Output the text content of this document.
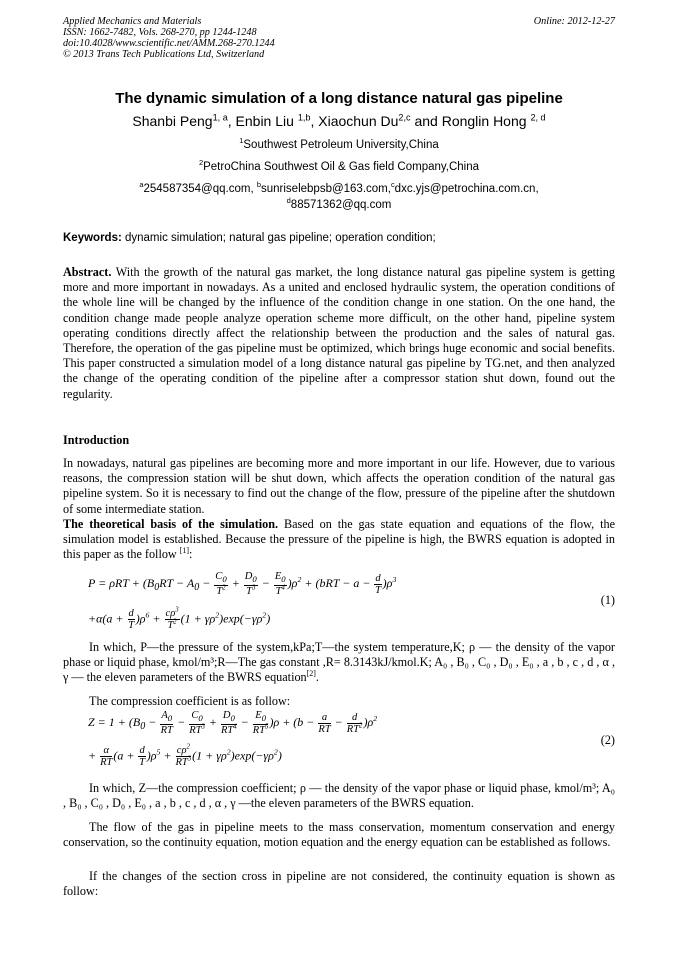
Applied Mechanics and Materials
ISSN: 1662-7482, Vols. 268-270, pp 1244-1248
doi:10.4028/www.scientific.net/AMM.268-270.1244
© 2013 Trans Tech Publications Ltd, Switzerland
Online: 2012-12-27
The dynamic simulation of a long distance natural gas pipeline
Shanbi Peng$^{1, a}$, Enbin Liu $^{1,b}$, Xiaochun Du$^{2,c}$ and Ronglin Hong $^{2, d}$
$^1$Southwest Petroleum University,China
$^2$PetroChina Southwest Oil & Gas field Company,China
$^a$254587354@qq.com, $^b$sunriselebpsb@163.com,$^c$dxc.yjs@petrochina.com.cn,
$^d$88571362@qq.com
Keywords: dynamic simulation; natural gas pipeline; operation condition;
Abstract. With the growth of the natural gas market, the long distance natural gas pipeline system is getting more and more important in nowadays. As a united and enclosed hydraulic system, the operation conditions of the whole line will be changed by the influence of the condition change in one station. On the one hand, the condition change made people analyze operation scheme more difficult, on the other hand, pipeline system operating conditions directly affect the relationship between the production and the sales of natural gas. Therefore, the operation of the gas pipeline must be optimized, which brings huge economic and social benefits. This paper constructed a simulation model of a long distance natural gas pipeline by TG.net, and then analyzed the change of the operating condition of the pipeline after a compressor station shut down, found out the regularity.
Introduction
In nowadays, natural gas pipelines are becoming more and more important in our life. However, due to various reasons, the compression station will be shut down, which affects the operation condition of the natural gas pipeline system. So it is necessary to find out the change of the flow, pressure of the pipeline after the shutdown of some intermediate station.
The theoretical basis of the simulation. Based on the gas state equation and equations of the flow, the simulation model is established. Because the pressure of the pipeline is high, the BWRS equation is adopted in this paper as the follow [1]:
$P = \rho RT + (B_0RT - A_0 - \frac{C_0}{T^2} + \frac{D_0}{T^3} - \frac{E_0}{T^4} )\rho^2 + (bRT - a - \frac{d}{T} )\rho^3$
$+\alpha(a + \frac{d}{T} )\rho^6 + \frac{c\rho^3}{T^2} (1 + \gamma\rho^2)\exp(-\gamma\rho^2)$
(1)
In which, P—the pressure of the system,kPa;T—the system temperature,K; ρ — the density of the vapor phase or liquid phase, kmol/m³;R—The gas constant ,R= 8.3143kJ/kmol.K; A₀ , B₀ , C₀ , D₀ , E₀ , a , b , c , d , α , γ — the eleven parameters of the BWRS equation[2].
The compression coefficient is as follow:
$Z = 1 + (B_0 - \frac{A_0}{RT} - \frac{C_0}{RT^3} + \frac{D_0}{RT^4} - \frac{E_0}{RT^5} )\rho + (b - \frac{a}{RT} - \frac{d}{RT^2} )\rho^2$
+ $\frac{\alpha}{RT} (a + \frac{d}{T} )\rho^5 + \frac{c\rho^2}{RT^3} (1 + \gamma\rho^2)\exp(-\gamma\rho^2)$
(2)
In which, Z—the compression coefficient; ρ — the density of the vapor phase or liquid phase, kmol/m³; A₀ , B₀ , C₀ , D₀ , E₀ , a , b , c , d , α , γ —the eleven parameters of the BWRS equation.
The flow of the gas in pipeline meets to the mass conservation, momentum conservation and energy conservation, so the continuity equation, motion equation and the energy equation can be established as follows.
If the changes of the section cross in pipeline are not considered, the continuity equation is shown as follow:
